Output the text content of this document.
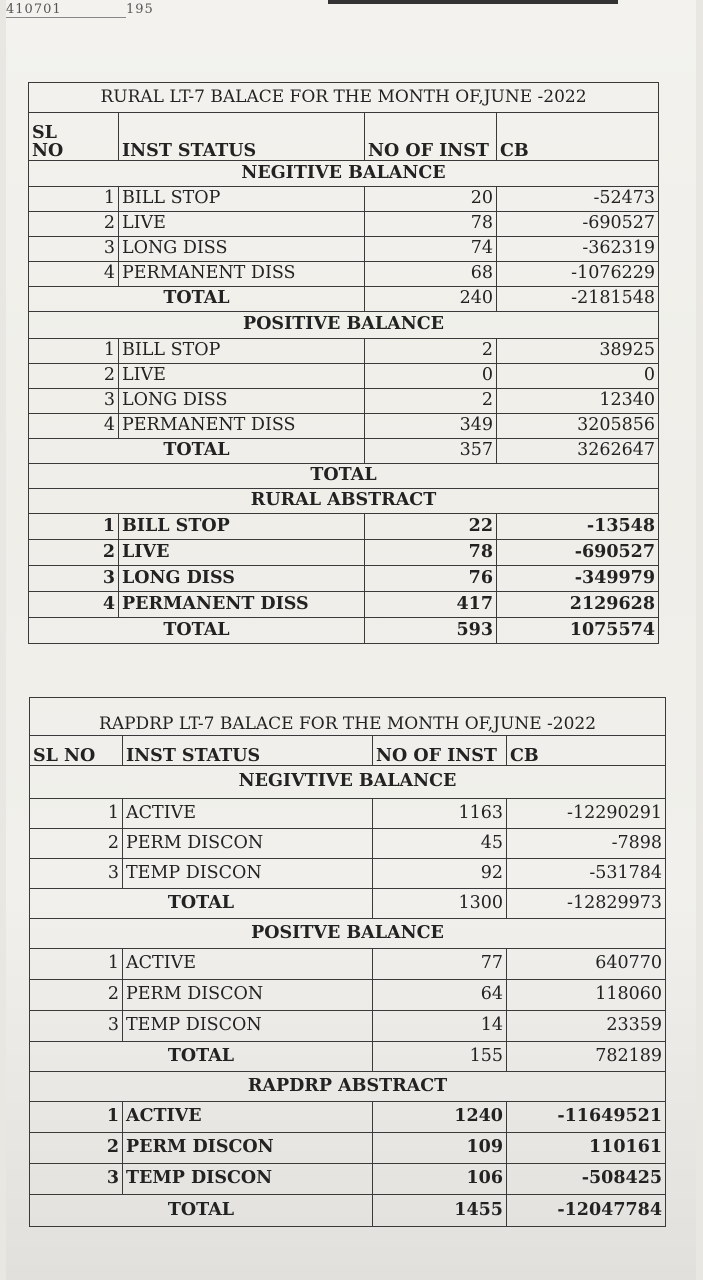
410701	195
RURAL LT-7 BALACE FOR THE MONTH OF,JUNE -2022			
SL
NO	INST STATUS	NO OF INST	CB
NEGITIVE BALANCE			
1	BILL STOP	20	-52473
2	LIVE	78	-690527
3	LONG DISS	74	-362319
4	PERMANENT DISS	68	-1076229
TOTAL		240	-2181548
POSITIVE BALANCE			
1	BILL STOP	2	38925
2	LIVE	0	0
3	LONG DISS	2	12340
4	PERMANENT DISS	349	3205856
TOTAL		357	3262647
TOTAL			
RURAL ABSTRACT			
1	BILL STOP	22	-13548
2	LIVE	78	-690527
3	LONG DISS	76	-349979
4	PERMANENT DISS	417	2129628
TOTAL		593	1075574
RAPDRP LT-7 BALACE FOR THE MONTH OF,JUNE -2022			
SL NO	INST STATUS	NO OF INST	CB
NEGIVTIVE BALANCE			
1	ACTIVE	1163	-12290291
2	PERM DISCON	45	-7898
3	TEMP DISCON	92	-531784
TOTAL		1300	-12829973
POSITVE BALANCE			
1	ACTIVE	77	640770
2	PERM DISCON	64	118060
3	TEMP DISCON	14	23359
TOTAL		155	782189
RAPDRP ABSTRACT			
1	ACTIVE	1240	-11649521
2	PERM DISCON	109	110161
3	TEMP DISCON	106	-508425
TOTAL		1455	-12047784
